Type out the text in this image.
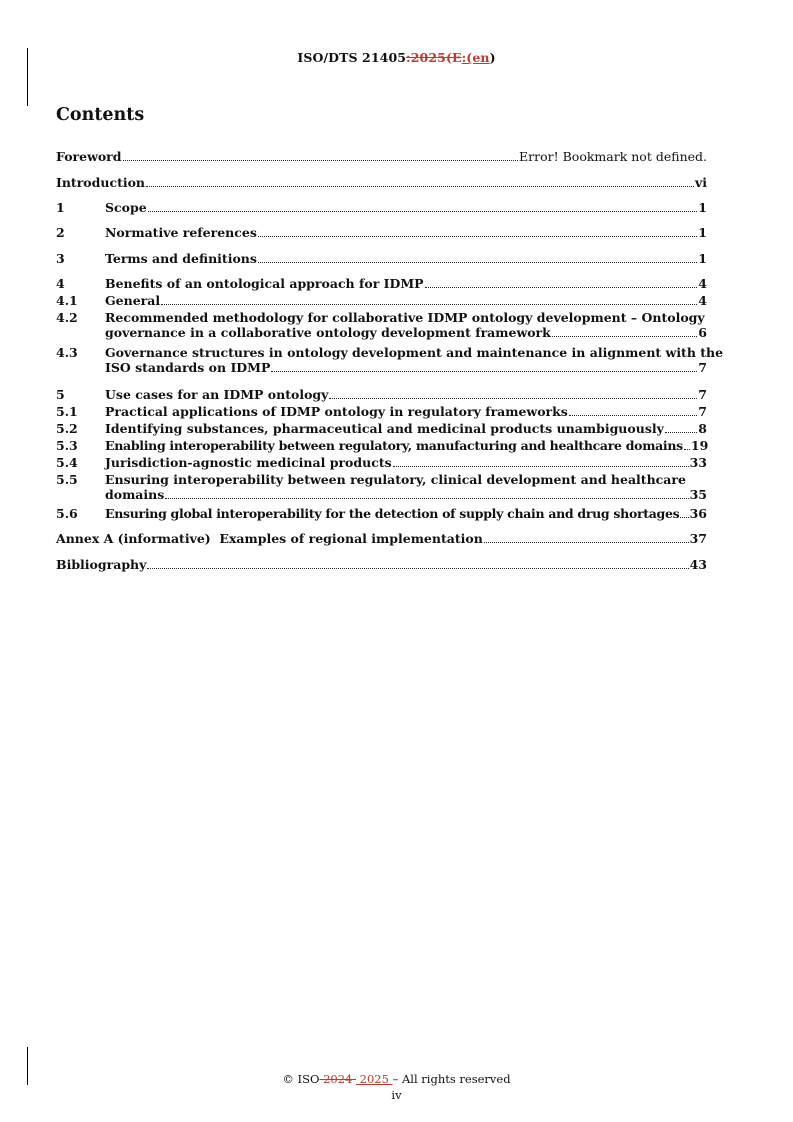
ISO/DTS 21405:2025(E:(en)
Contents
Foreword	Error! Bookmark not defined.
Introduction	vi
1	Scope	1
2	Normative references	1
3	Terms and definitions	1
4	Benefits of an ontological approach for IDMP	4
4.1	General	4
4.2	Recommended methodology for collaborative IDMP ontology development – Ontology
governance in a collaborative ontology development framework	6
4.3	Governance structures in ontology development and maintenance in alignment with the
ISO standards on IDMP	7
5	Use cases for an IDMP ontology	7
5.1	Practical applications of IDMP ontology in regulatory frameworks	7
5.2	Identifying substances, pharmaceutical and medicinal products unambiguously	8
5.3	Enabling interoperability between regulatory, manufacturing and healthcare domains 19
5.4	Jurisdiction-agnostic medicinal products	33
5.5	Ensuring interoperability between regulatory, clinical development and healthcare
domains	35
5.6	Ensuring global interoperability for the detection of supply chain and drug shortages 36
Annex A (informative)  Examples of regional implementation	37
Bibliography	43
© ISO 2024  2025 – All rights reserved
iv
